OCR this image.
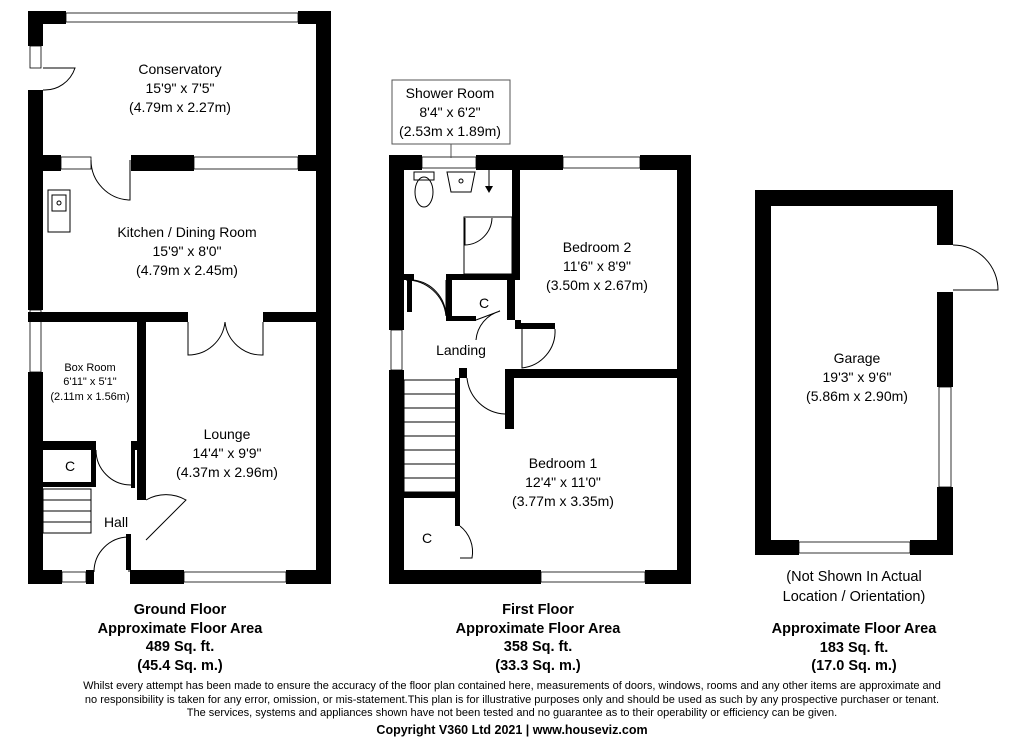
Conservatory
15'9" x 7'5"
(4.79m x 2.27m)
Kitchen / Dining Room
15'9" x 8'0"
(4.79m x 2.45m)
Lounge
14'4" x 9'9"
(4.37m x 2.96m)
Hall
C
Shower Room
8'4" x 6'2"
(2.53m x 1.89m)
Bedroom 2
11'6" x 8'9"
(3.50m x 2.67m)
Landing
C
Bedroom 1
12'4" x 11'0"
(3.77m x 3.35m)
C
Garage
19'3" x 9'6"
(5.86m x 2.90m)
Box Room
6'11" x 5'1"
(2.11m x 1.56m)
Ground Floor
Approximate Floor Area
489 Sq. ft.
(45.4 Sq. m.)
First Floor
Approximate Floor Area
358 Sq. ft.
(33.3 Sq. m.)
Approximate Floor Area
183 Sq. ft.
(17.0 Sq. m.)
(Not Shown In Actual
Location / Orientation)
Whilst every attempt has been made to ensure the accuracy of the floor plan contained here, measurements of doors, windows, rooms and any other items are approximate and
no responsibility is taken for any error, omission, or mis-statement.This plan is for illustrative purposes only and should be used as such by any prospective purchaser or tenant.
The services, systems and appliances shown have not been tested and no guarantee as to their operability or efficiency can be given.
Copyright V360 Ltd 2021 | www.houseviz.com
